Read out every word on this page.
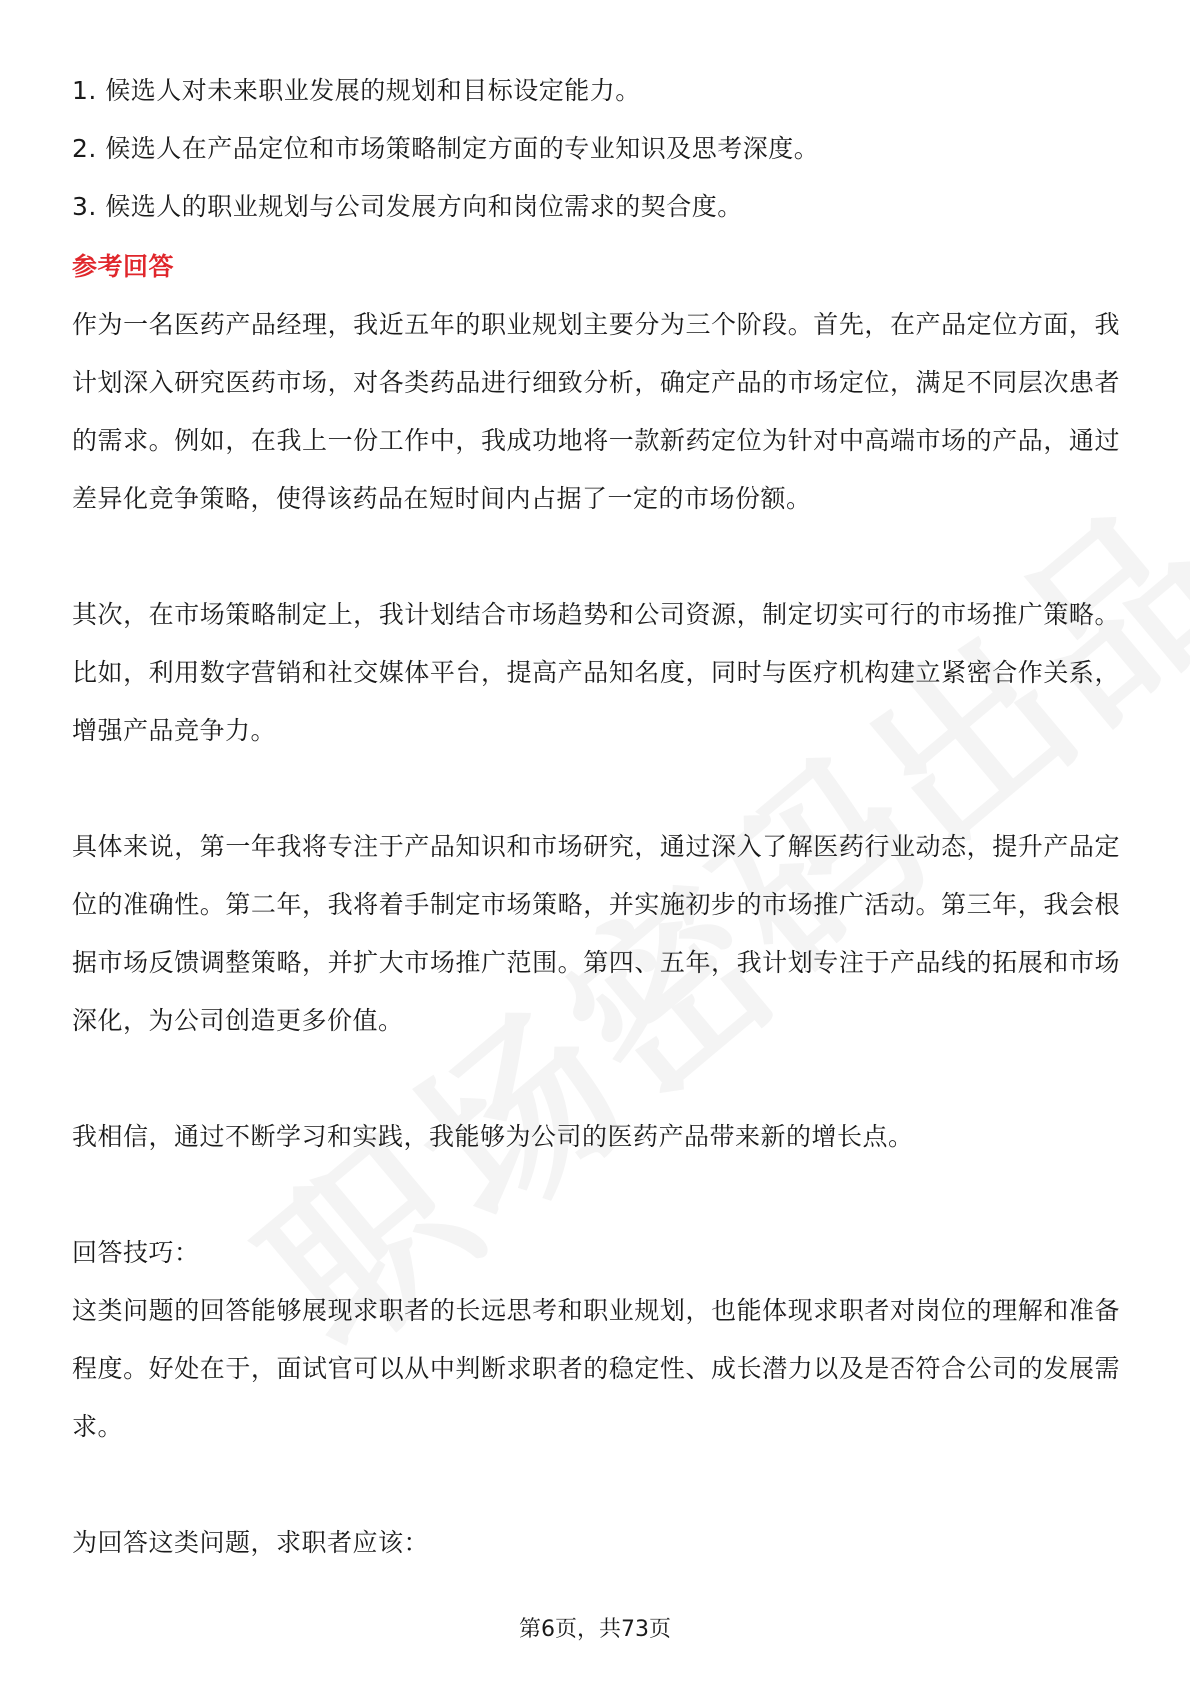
1. 候选人对未来职业发展的规划和目标设定能力。
2. 候选人在产品定位和市场策略制定方面的专业知识及思考深度。
3. 候选人的职业规划与公司发展方向和岗位需求的契合度。
参考回答

作为一名医药产品经理，我近五年的职业规划主要分为三个阶段。首先，在产品定位方面，我计划深入研究医药市场，对各类药品进行细致分析，确定产品的市场定位，满足不同层次患者的需求。例如，在我上一份工作中，我成功地将一款新药定位为针对中高端市场的产品，通过差异化竞争策略，使得该药品在短时间内占据了一定的市场份额。

其次，在市场策略制定上，我计划结合市场趋势和公司资源，制定切实可行的市场推广策略。比如，利用数字营销和社交媒体平台，提高产品知名度，同时与医疗机构建立紧密合作关系，增强产品竞争力。

具体来说，第一年我将专注于产品知识和市场研究，通过深入了解医药行业动态，提升产品定位的准确性。第二年，我将着手制定市场策略，并实施初步的市场推广活动。第三年，我会根据市场反馈调整策略，并扩大市场推广范围。第四、五年，我计划专注于产品线的拓展和市场深化，为公司创造更多价值。

我相信，通过不断学习和实践，我能够为公司的医药产品带来新的增长点。

回答技巧：

这类问题的回答能够展现求职者的长远思考和职业规划，也能体现求职者对岗位的理解和准备程度。好处在于，面试官可以从中判断求职者的稳定性、成长潜力以及是否符合公司的发展需求。

为回答这类问题，求职者应该：

第6页，共73页
